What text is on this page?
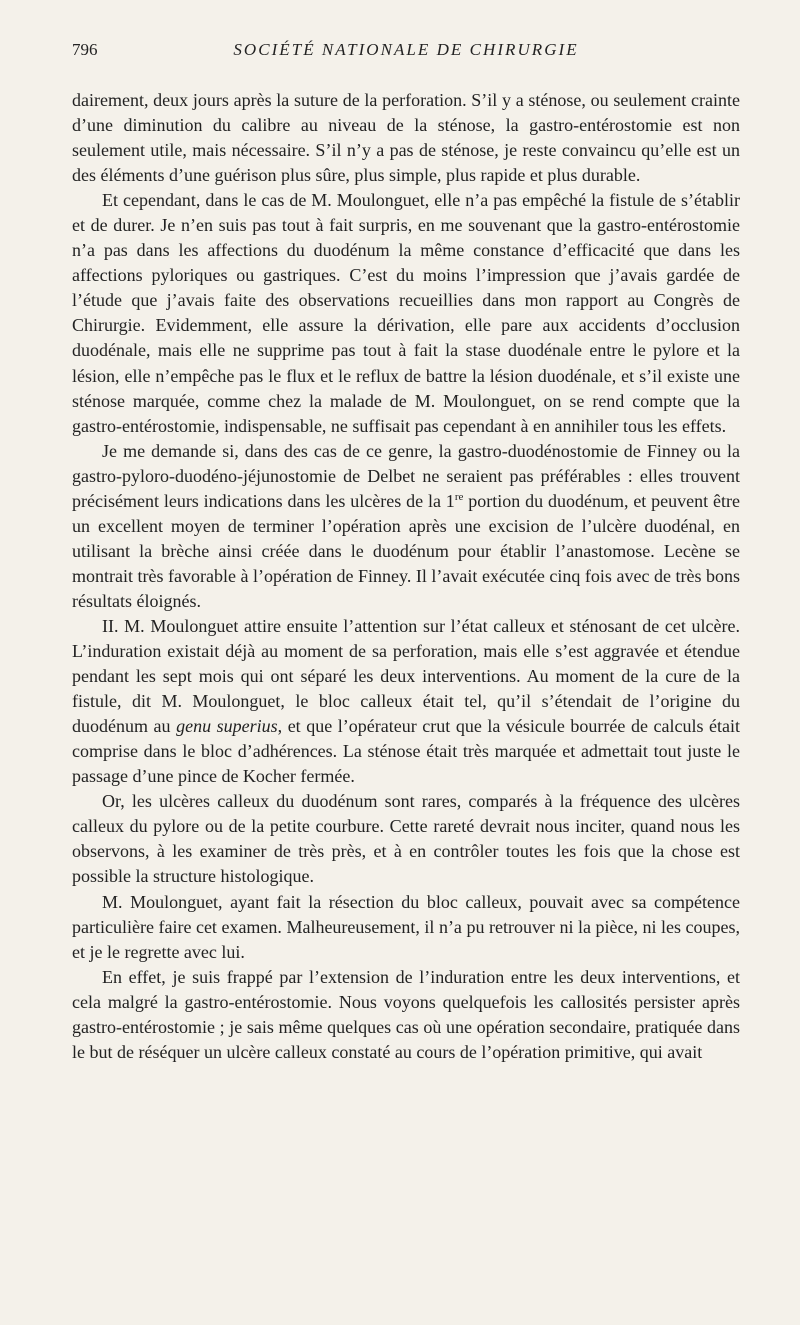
796	SOCIÉTÉ NATIONALE DE CHIRURGIE

dairement, deux jours après la suture de la perforation. S’il y a sténose, ou seulement crainte d’une diminution du calibre au niveau de la sténose, la gastro-entérostomie est non seulement utile, mais nécessaire. S’il n’y a pas de sténose, je reste convaincu qu’elle est un des éléments d’une guérison plus sûre, plus simple, plus rapide et plus durable.

Et cependant, dans le cas de M. Moulonguet, elle n’a pas empêché la fistule de s’établir et de durer. Je n’en suis pas tout à fait surpris, en me souvenant que la gastro-entérostomie n’a pas dans les affections du duodénum la même constance d’efficacité que dans les affections pyloriques ou gastriques. C’est du moins l’impression que j’avais gardée de l’étude que j’avais faite des observations recueillies dans mon rapport au Congrès de Chirurgie. Evidemment, elle assure la dérivation, elle pare aux accidents d’occlusion duodénale, mais elle ne supprime pas tout à fait la stase duodénale entre le pylore et la lésion, elle n’empêche pas le flux et le reflux de battre la lésion duodénale, et s’il existe une sténose marquée, comme chez la malade de M. Moulonguet, on se rend compte que la gastro-entérostomie, indispensable, ne suffisait pas cependant à en annihiler tous les effets.

Je me demande si, dans des cas de ce genre, la gastro-duodénostomie de Finney ou la gastro-pyloro-duodéno-jéjunostomie de Delbet ne seraient pas préférables : elles trouvent précisément leurs indications dans les ulcères de la 1re portion du duodénum, et peuvent être un excellent moyen de terminer l’opération après une excision de l’ulcère duodénal, en utilisant la brèche ainsi créée dans le duodénum pour établir l’anastomose. Lecène se montrait très favorable à l’opération de Finney. Il l’avait exécutée cinq fois avec de très bons résultats éloignés.

II. M. Moulonguet attire ensuite l’attention sur l’état calleux et sténosant de cet ulcère. L’induration existait déjà au moment de sa perforation, mais elle s’est aggravée et étendue pendant les sept mois qui ont séparé les deux interventions. Au moment de la cure de la fistule, dit M. Moulonguet, le bloc calleux était tel, qu’il s’étendait de l’origine du duodénum au genu superius, et que l’opérateur crut que la vésicule bourrée de calculs était comprise dans le bloc d’adhérences. La sténose était très marquée et admettait tout juste le passage d’une pince de Kocher fermée.

Or, les ulcères calleux du duodénum sont rares, comparés à la fréquence des ulcères calleux du pylore ou de la petite courbure. Cette rareté devrait nous inciter, quand nous les observons, à les examiner de très près, et à en contrôler toutes les fois que la chose est possible la structure histologique.

M. Moulonguet, ayant fait la résection du bloc calleux, pouvait avec sa compétence particulière faire cet examen. Malheureusement, il n’a pu retrouver ni la pièce, ni les coupes, et je le regrette avec lui.

En effet, je suis frappé par l’extension de l’induration entre les deux interventions, et cela malgré la gastro-entérostomie. Nous voyons quelquefois les callosités persister après gastro-entérostomie ; je sais même quelques cas où une opération secondaire, pratiquée dans le but de réséquer un ulcère calleux constaté au cours de l’opération primitive, qui avait
